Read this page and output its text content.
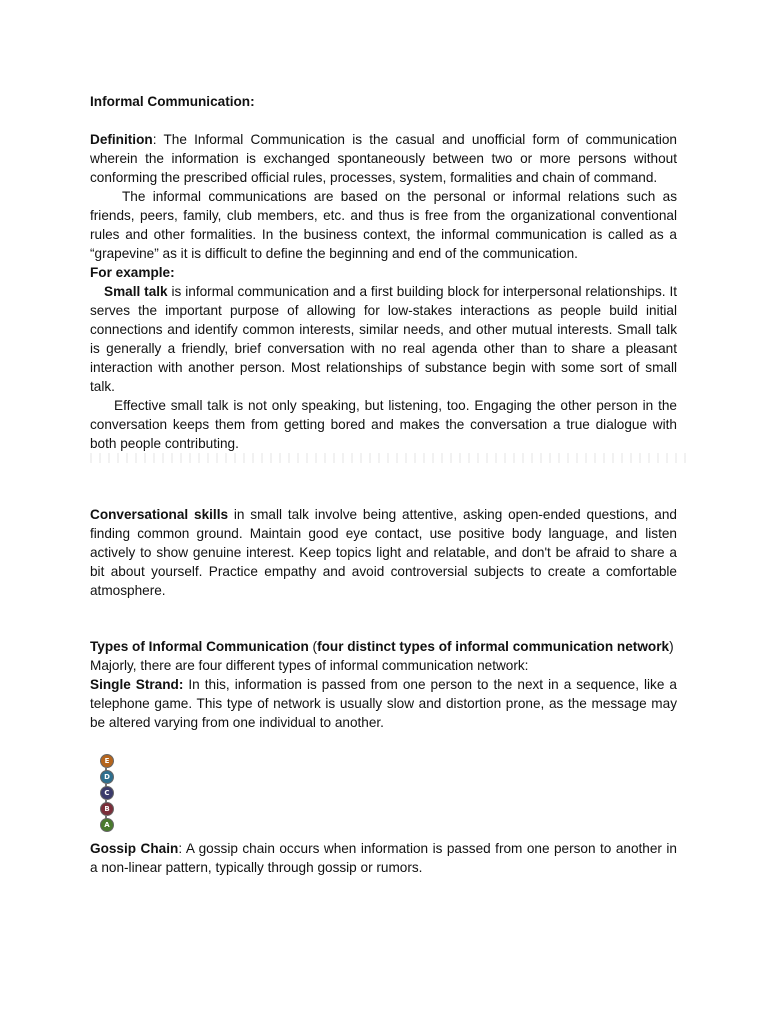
Informal Communication:

Definition: The Informal Communication is the casual and unofficial form of communication wherein the information is exchanged spontaneously between two or more persons without conforming the prescribed official rules, processes, system, formalities and chain of command.

The informal communications are based on the personal or informal relations such as friends, peers, family, club members, etc. and thus is free from the organizational conventional rules and other formalities. In the business context, the informal communication is called as a “grapevine” as it is difficult to define the beginning and end of the communication.

For example:

Small talk is informal communication and a first building block for interpersonal relationships. It serves the important purpose of allowing for low-stakes interactions as people build initial connections and identify common interests, similar needs, and other mutual interests. Small talk is generally a friendly, brief conversation with no real agenda other than to share a pleasant interaction with another person. Most relationships of substance begin with some sort of small talk.

Effective small talk is not only speaking, but listening, too. Engaging the other person in the conversation keeps them from getting bored and makes the conversation a true dialogue with both people contributing.

Conversational skills in small talk involve being attentive, asking open-ended questions, and finding common ground. Maintain good eye contact, use positive body language, and listen actively to show genuine interest. Keep topics light and relatable, and don't be afraid to share a bit about yourself. Practice empathy and avoid controversial subjects to create a comfortable atmosphere.

Types of Informal Communication (four distinct types of informal communication network)

Majorly, there are four different types of informal communication network:

Single Strand: In this, information is passed from one person to the next in a sequence, like a telephone game. This type of network is usually slow and distortion prone, as the message may be altered varying from one individual to another.

E
D
C
B
A

Gossip Chain: A gossip chain occurs when information is passed from one person to another in a non-linear pattern, typically through gossip or rumors.
